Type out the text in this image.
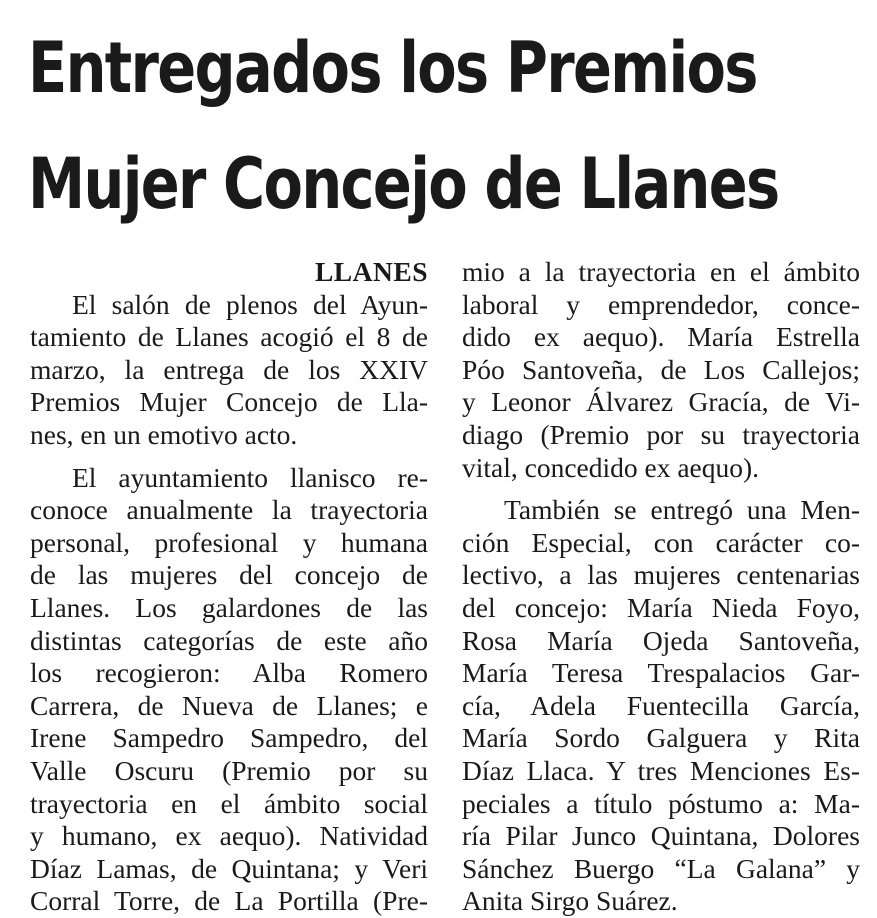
Entregados los Premios
Mujer Concejo de Llanes
LLANES
El salón de plenos del Ayun-
tamiento de Llanes acogió el 8 de
marzo, la entrega de los XXIV
Premios Mujer Concejo de Lla-
nes, en un emotivo acto.
El ayuntamiento llanisco re-
conoce anualmente la trayectoria
personal, profesional y humana
de las mujeres del concejo de
Llanes. Los galardones de las
distintas categorías de este año
los recogieron: Alba Romero
Carrera, de Nueva de Llanes; e
Irene Sampedro Sampedro, del
Valle Oscuru (Premio por su
trayectoria en el ámbito social
y humano, ex aequo). Natividad
Díaz Lamas, de Quintana; y Veri
Corral Torre, de La Portilla (Pre-
mio a la trayectoria en el ámbito
laboral y emprendedor, conce-
dido ex aequo). María Estrella
Póo Santoveña, de Los Callejos;
y Leonor Álvarez Gracía, de Vi-
diago (Premio por su trayectoria
vital, concedido ex aequo).
También se entregó una Men-
ción Especial, con carácter co-
lectivo, a las mujeres centenarias
del concejo: María Nieda Foyo,
Rosa María Ojeda Santoveña,
María Teresa Trespalacios Gar-
cía, Adela Fuentecilla García,
María Sordo Galguera y Rita
Díaz Llaca. Y tres Menciones Es-
peciales a título póstumo a: Ma-
ría Pilar Junco Quintana, Dolores
Sánchez Buergo “La Galana” y
Anita Sirgo Suárez.
